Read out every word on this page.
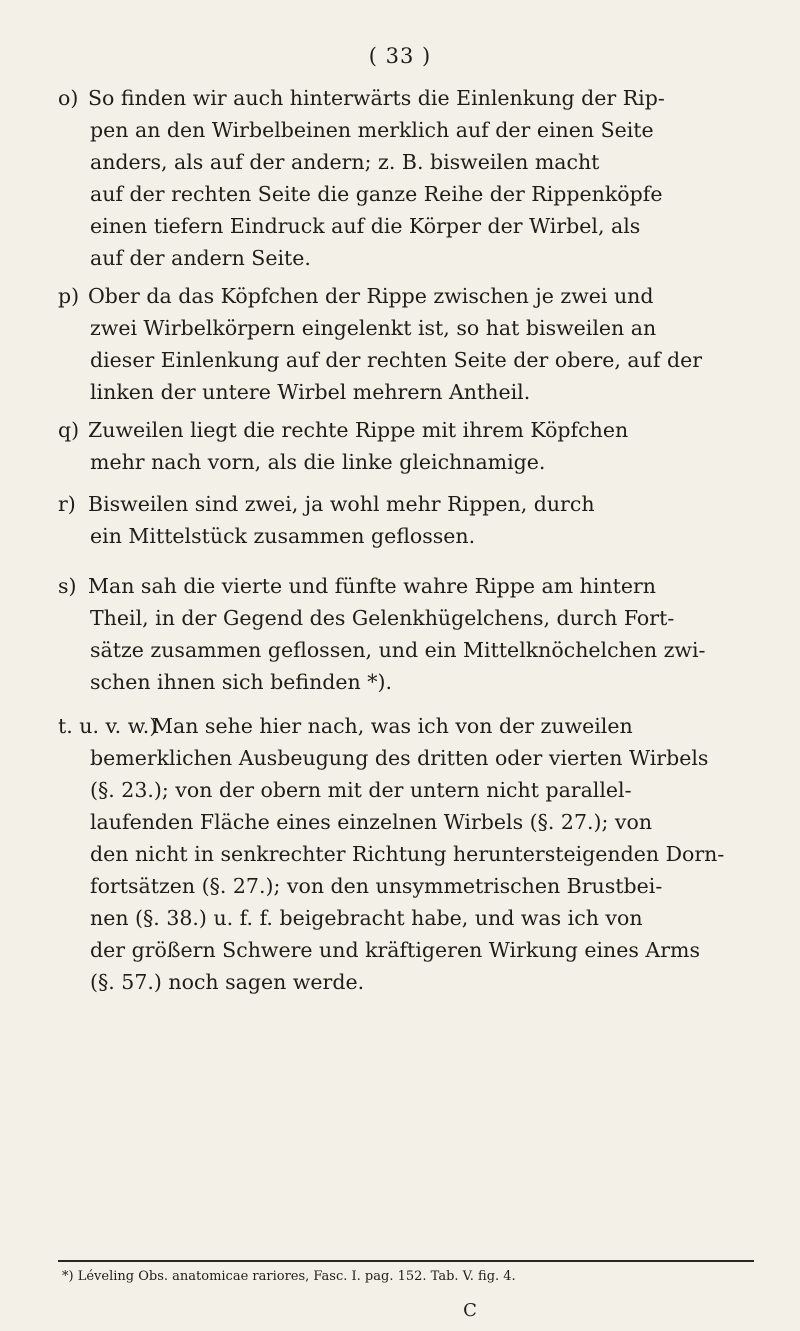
( 33 )
o) So finden wir auch hinterwärts die Einlenkung der Rip-
pen an den Wirbelbeinen merklich auf der einen Seite
anders, als auf der andern; z. B. bisweilen macht
auf der rechten Seite die ganze Reihe der Rippenköpfe
einen tiefern Eindruck auf die Körper der Wirbel, als
auf der andern Seite.
p) Ober da das Köpfchen der Rippe zwischen je zwei und
zwei Wirbelkörpern eingelenkt ist, so hat bisweilen an
dieser Einlenkung auf der rechten Seite der obere, auf der
linken der untere Wirbel mehrern Antheil.
q) Zuweilen liegt die rechte Rippe mit ihrem Köpfchen
mehr nach vorn, als die linke gleichnamige.
r) Bisweilen sind zwei, ja wohl mehr Rippen, durch
ein Mittelstück zusammen geflossen.
s) Man sah die vierte und fünfte wahre Rippe am hintern
Theil, in der Gegend des Gelenkhügelchens, durch Fort-
sätze zusammen geflossen, und ein Mittelknöchelchen zwi-
schen ihnen sich befinden *).
t. u. v. w.)Man sehe hier nach, was ich von der zuweilen
bemerklichen Ausbeugung des dritten oder vierten Wirbels
(§. 23.); von der obern mit der untern nicht parallel-
laufenden Fläche eines einzelnen Wirbels (§. 27.); von
den nicht in senkrechter Richtung heruntersteigenden Dorn-
fortsätzen (§. 27.); von den unsymmetrischen Brustbei-
nen (§. 38.) u. f. f. beigebracht habe, und was ich von
der größern Schwere und kräftigeren Wirkung eines Arms
(§. 57.) noch sagen werde.
*) Léveling Obs. anatomicae rariores, Fasc. I. pag. 152. Tab. V. fig. 4.
C
